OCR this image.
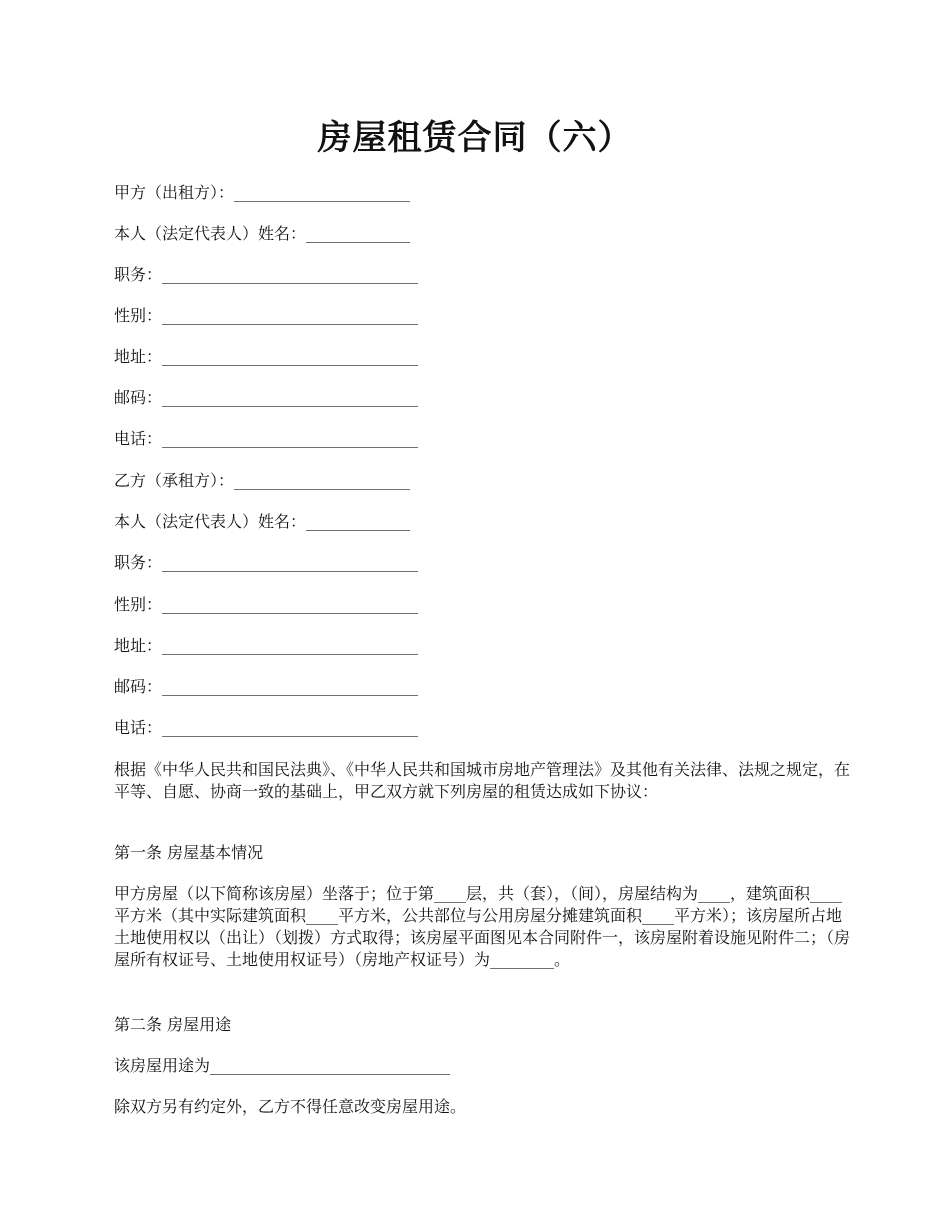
房屋租赁合同（六）

甲方（出租方）：______________________

本人（法定代表人）姓名：_____________

职务：________________________________

性别：________________________________

地址：________________________________

邮码：________________________________

电话：________________________________

乙方（承租方）：______________________

本人（法定代表人）姓名：_____________

职务：________________________________

性别：________________________________

地址：________________________________

邮码：________________________________

电话：________________________________

根据《中华人民共和国民法典》、《中华人民共和国城市房地产管理法》及其他有关法律、法规之规定，在平等、自愿、协商一致的基础上，甲乙双方就下列房屋的租赁达成如下协议：

第一条 房屋基本情况

甲方房屋（以下简称该房屋）坐落于；位于第____层，共（套），（间），房屋结构为____，建筑面积____平方米（其中实际建筑面积____平方米，公共部位与公用房屋分摊建筑面积____平方米）；该房屋所占地土地使用权以（出让）（划拨）方式取得；该房屋平面图见本合同附件一，该房屋附着设施见附件二；（房屋所有权证号、土地使用权证号）（房地产权证号）为________。

第二条 房屋用途

该房屋用途为______________________________

除双方另有约定外，乙方不得任意改变房屋用途。
